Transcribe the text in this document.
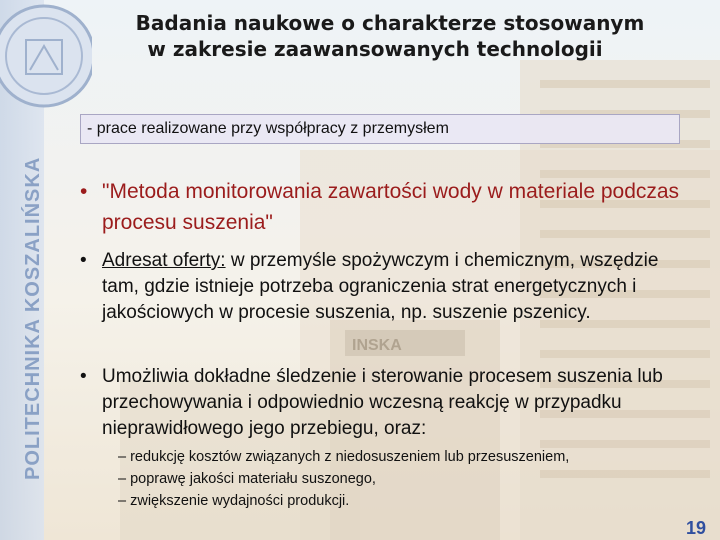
INSKA
POLITECHNIKA KOSZALIŃSKA
Badania naukowe o charakterze stosowanym

w zakresie zaawansowanych technologii
- prace realizowane przy współpracy z przemysłem
• "Metoda monitorowania zawartości wody w materiale podczas procesu suszenia"
• Adresat oferty: w przemyśle spożywczym i chemicznym, wszędzie tam, gdzie istnieje potrzeba ograniczenia strat energetycznych i jakościowych w procesie suszenia, np. suszenie pszenicy.
• Umożliwia dokładne śledzenie i sterowanie procesem suszenia lub przechowywania i odpowiednio wczesną reakcję w przypadku nieprawidłowego jego przebiegu, oraz:
– redukcję kosztów związanych z niedosuszeniem lub przesuszeniem,
– poprawę jakości materiału suszonego,
– zwiększenie wydajności produkcji.
19
